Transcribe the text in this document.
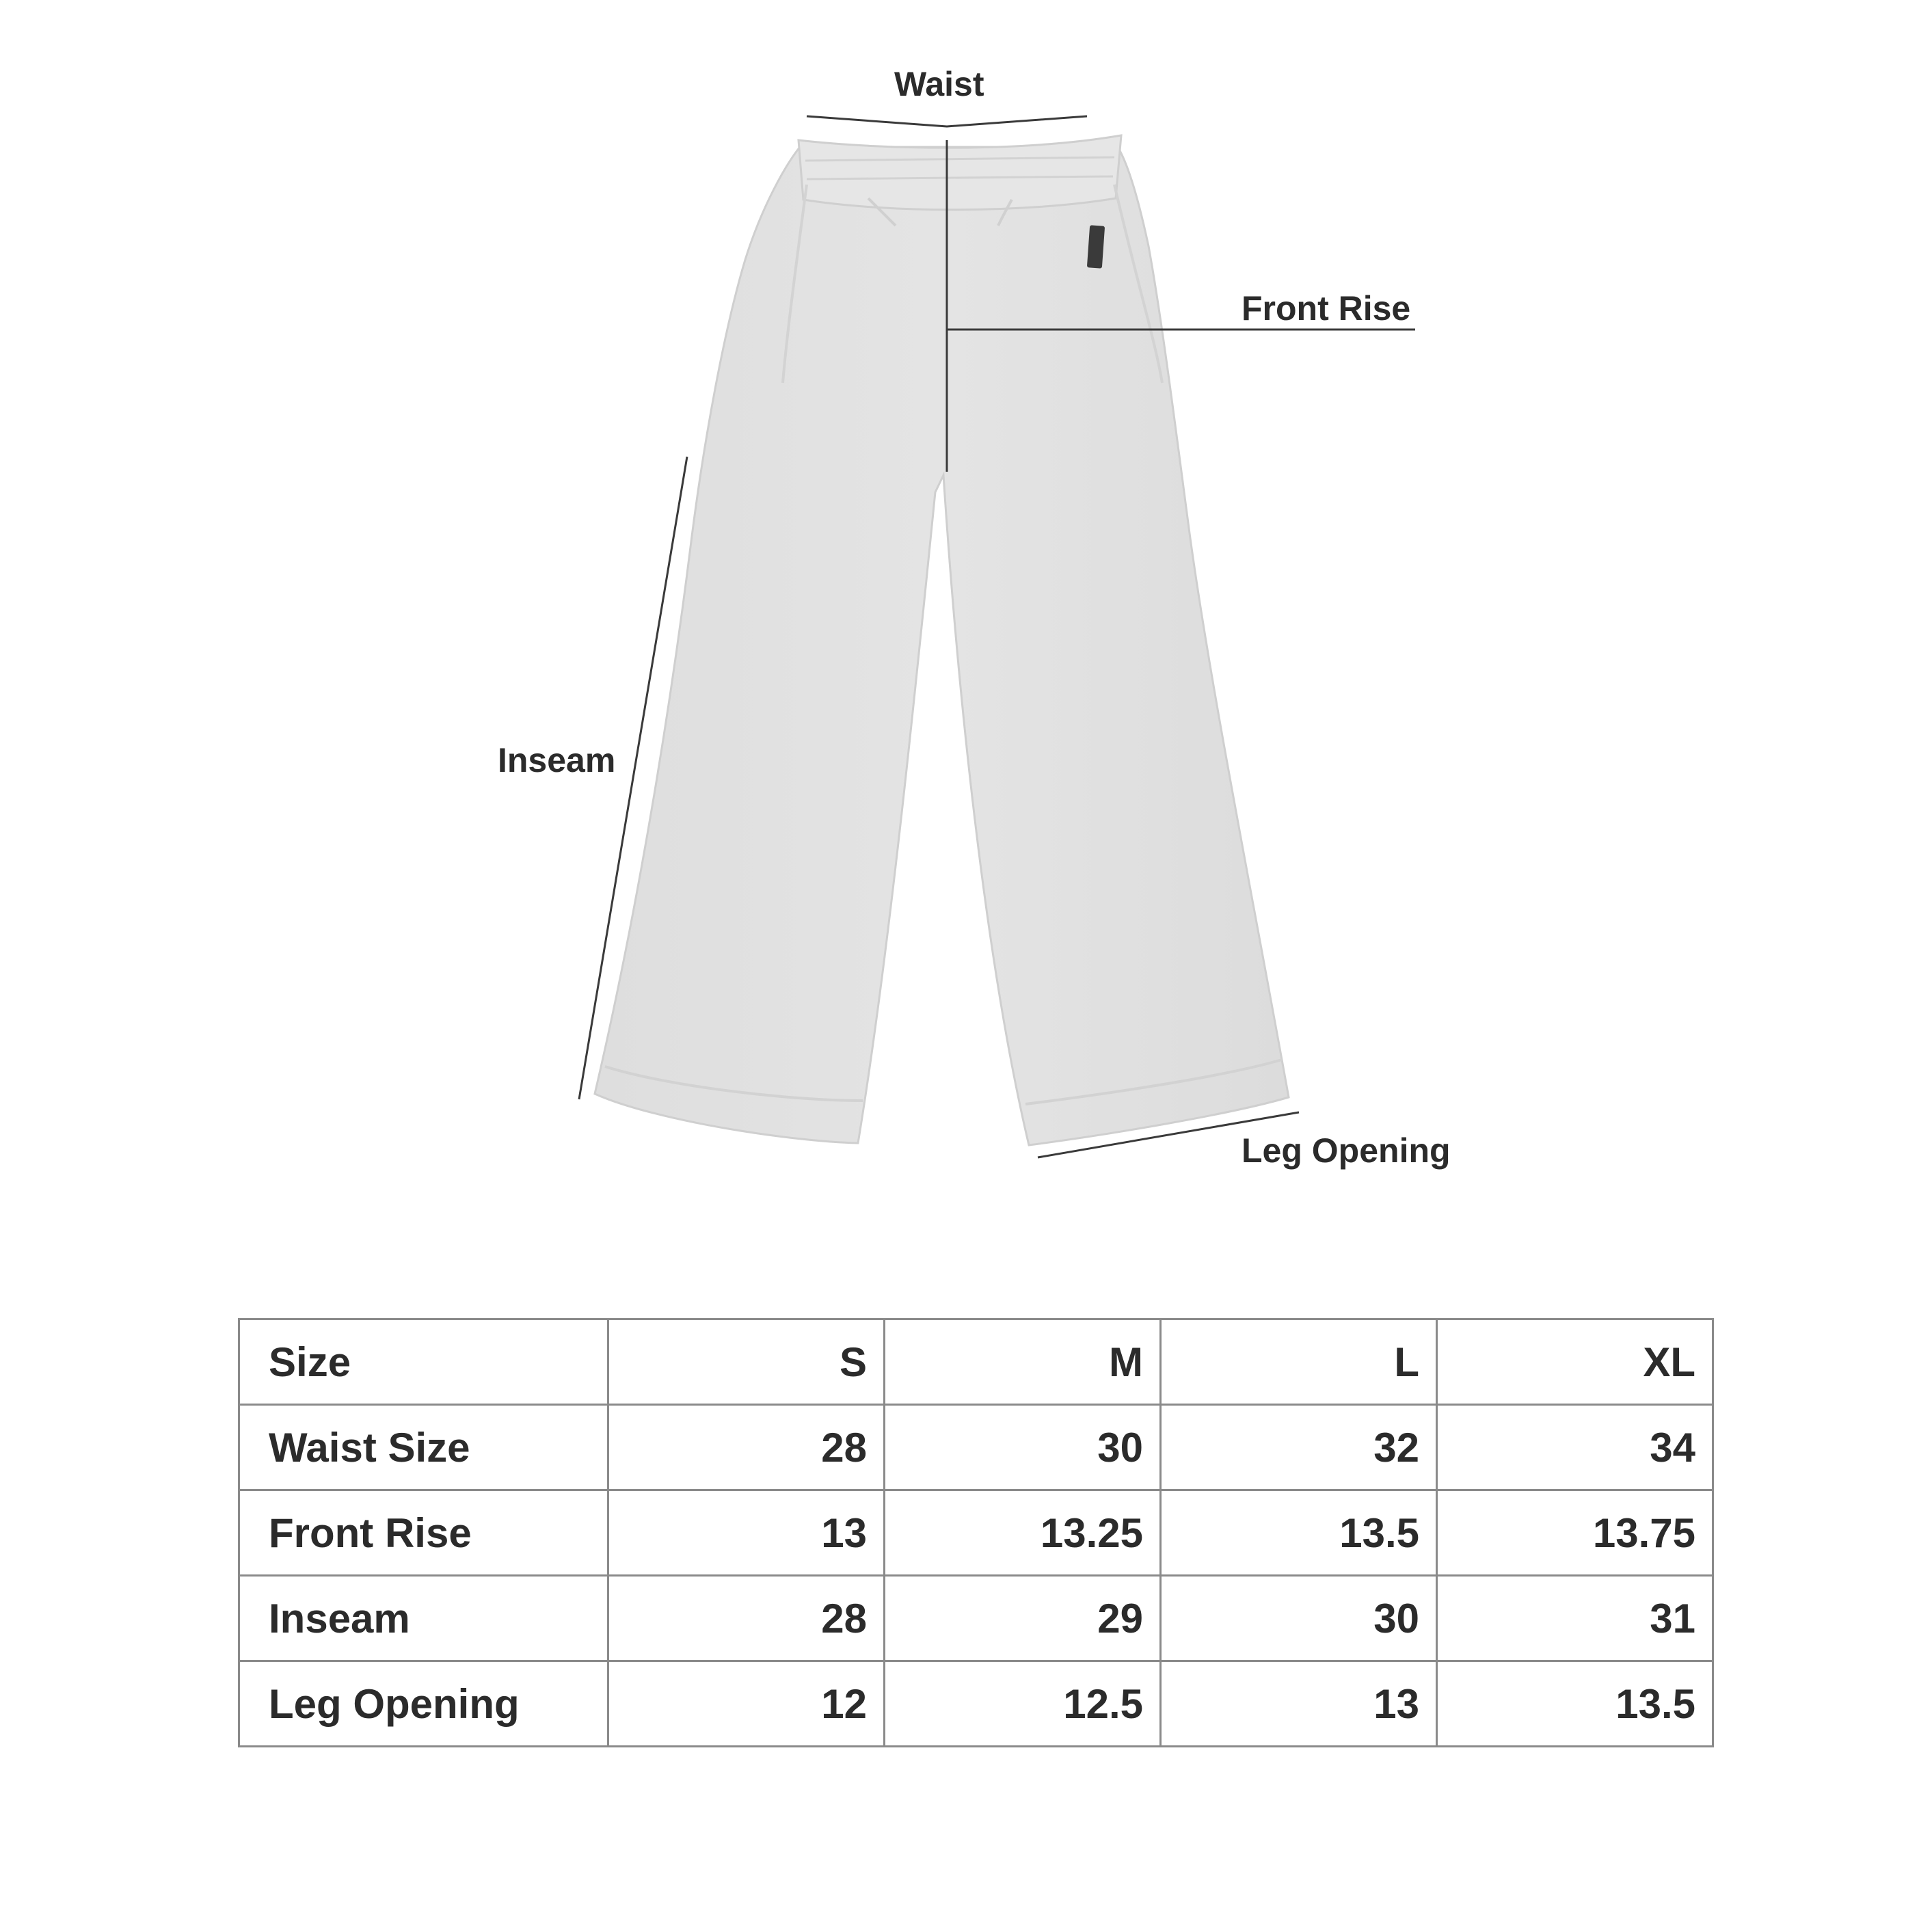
Waist
Front Rise
Inseam
Leg Opening
Size	S	M	L	XL
Waist Size	28	30	32	34
Front Rise	13	13.25	13.5	13.75
Inseam	28	29	30	31
Leg Opening	12	12.5	13	13.5
